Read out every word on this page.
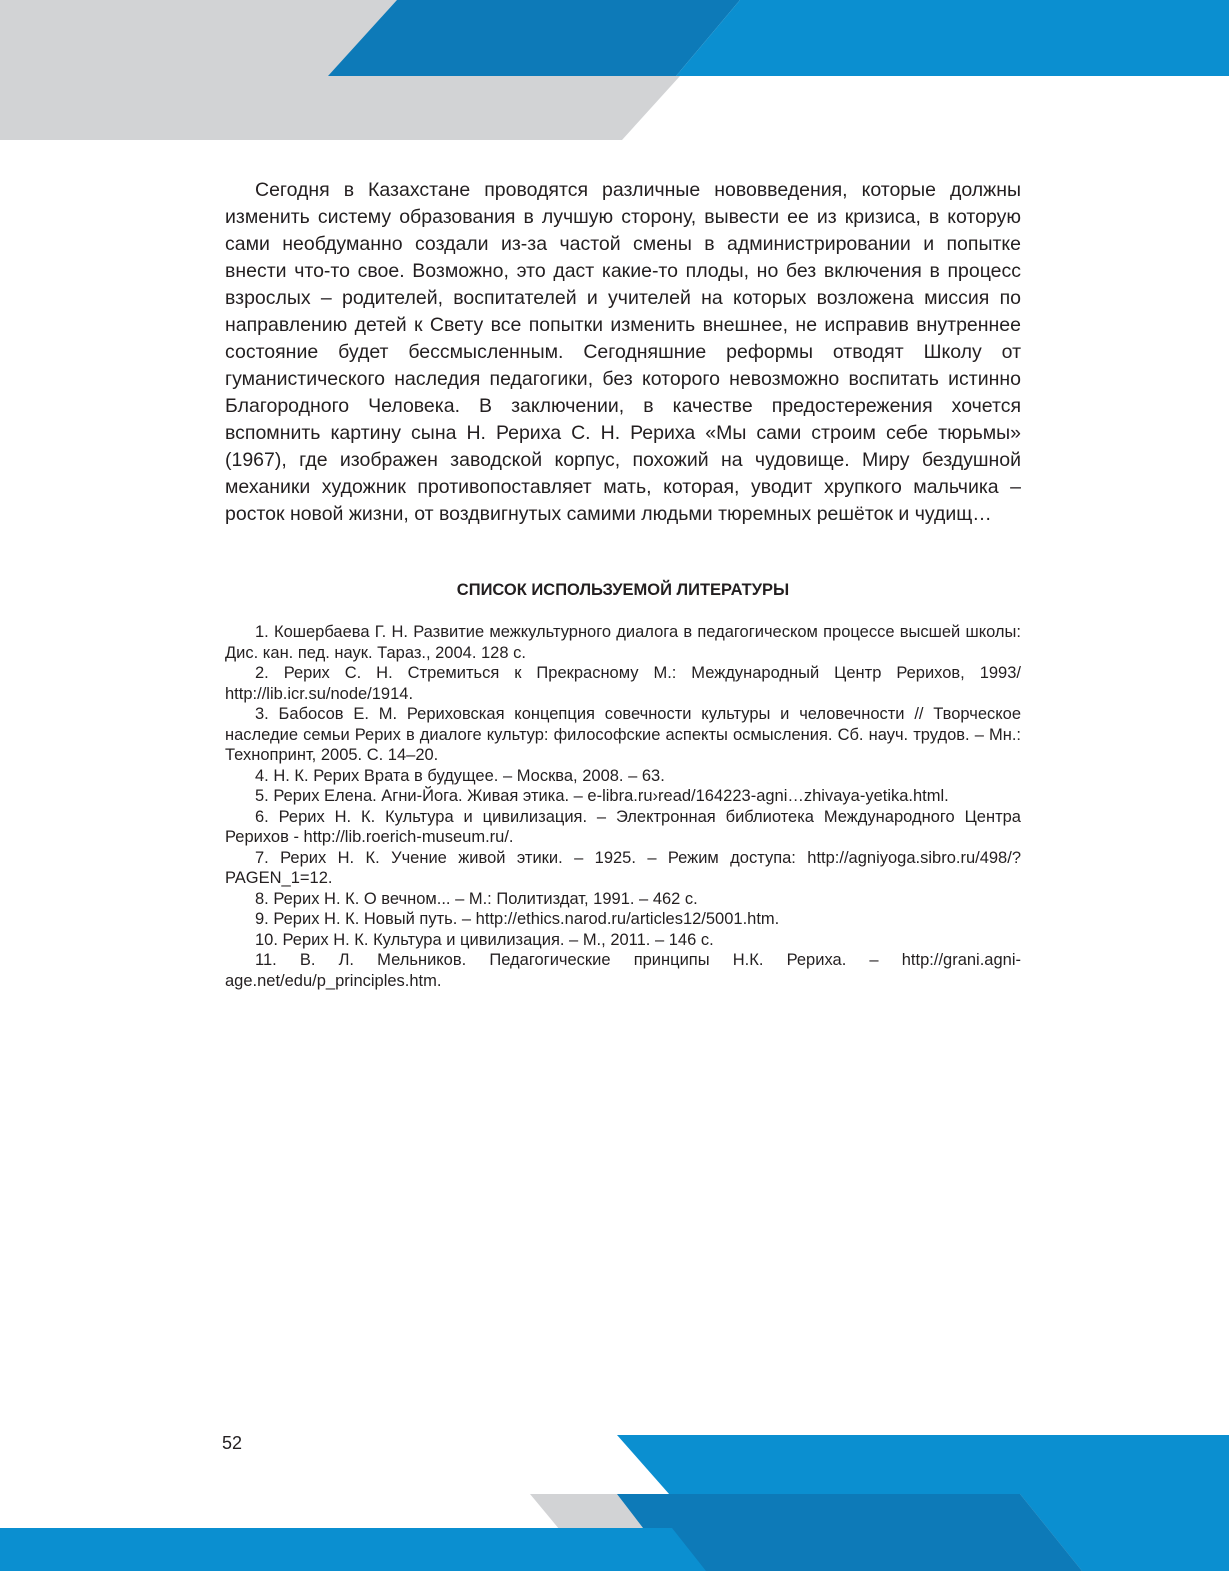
Сегодня в Казахстане проводятся различные нововведения, которые должны изменить систему образования в лучшую сторону, вывести ее из кризиса, в которую сами необдуманно создали из-за частой смены в администрировании и попытке внести что-то свое. Возможно, это даст какие-то плоды, но без включения в процесс взрослых – родителей, воспитателей и учителей на которых возложена миссия по направлению детей к Свету все попытки изменить внешнее, не исправив внутреннее состояние будет бессмысленным. Сегодняшние реформы отводят Школу от гуманистического наследия педагогики, без которого невозможно воспитать истинно Благородного Человека. В заключении, в качестве предостережения хочется вспомнить картину сына Н. Рериха С. Н. Рериха «Мы сами строим себе тюрьмы» (1967), где изображен заводской корпус, похожий на чудовище. Миру бездушной механики художник противопоставляет мать, которая, уводит хрупкого мальчика – росток новой жизни, от воздвигнутых самими людьми тюремных решёток и чудищ…

СПИСОК ИСПОЛЬЗУЕМОЙ ЛИТЕРАТУРЫ
1. Кошербаева Г. Н. Развитие межкультурного диалога в педагогическом процессе высшей школы: Дис. кан. пед. наук. Тараз., 2004. 128 с.
2. Рерих С. Н. Стремиться к Прекрасному М.: Международный Центр Рерихов, 1993/ http://lib.icr.su/node/1914.
3. Бабосов Е. М. Рериховская концепция совечности культуры и человечности // Творческое наследие семьи Рерих в диалоге культур: философские аспекты осмысления. Сб. науч. трудов. – Мн.: Технопринт, 2005. С. 14–20.
4. Н. К. Рерих Врата в будущее. – Москва, 2008. – 63.
5. Рерих Елена. Агни-Йога. Живая этика. – e-libra.ru›read/164223-agni…zhivaya-yetika.html.
6. Рерих Н. К. Культура и цивилизация. – Электронная библиотека Международного Центра Рерихов - http://lib.roerich-museum.ru/.
7. Рерих Н. К. Учение живой этики. – 1925. – Режим доступа: http://agniyoga.sibro.ru/498/?PAGEN_1=12.
8. Рерих Н. К. О вечном... – М.: Политиздат, 1991. – 462 с.
9. Рерих Н. К. Новый путь. – http://ethics.narod.ru/articles12/5001.htm.
10. Рерих Н. К. Культура и цивилизация. – М., 2011. – 146 с.
11. В. Л. Мельников. Педагогические принципы Н.К. Рериха. – http://grani.agni-age.net/edu/p_principles.htm.
52
